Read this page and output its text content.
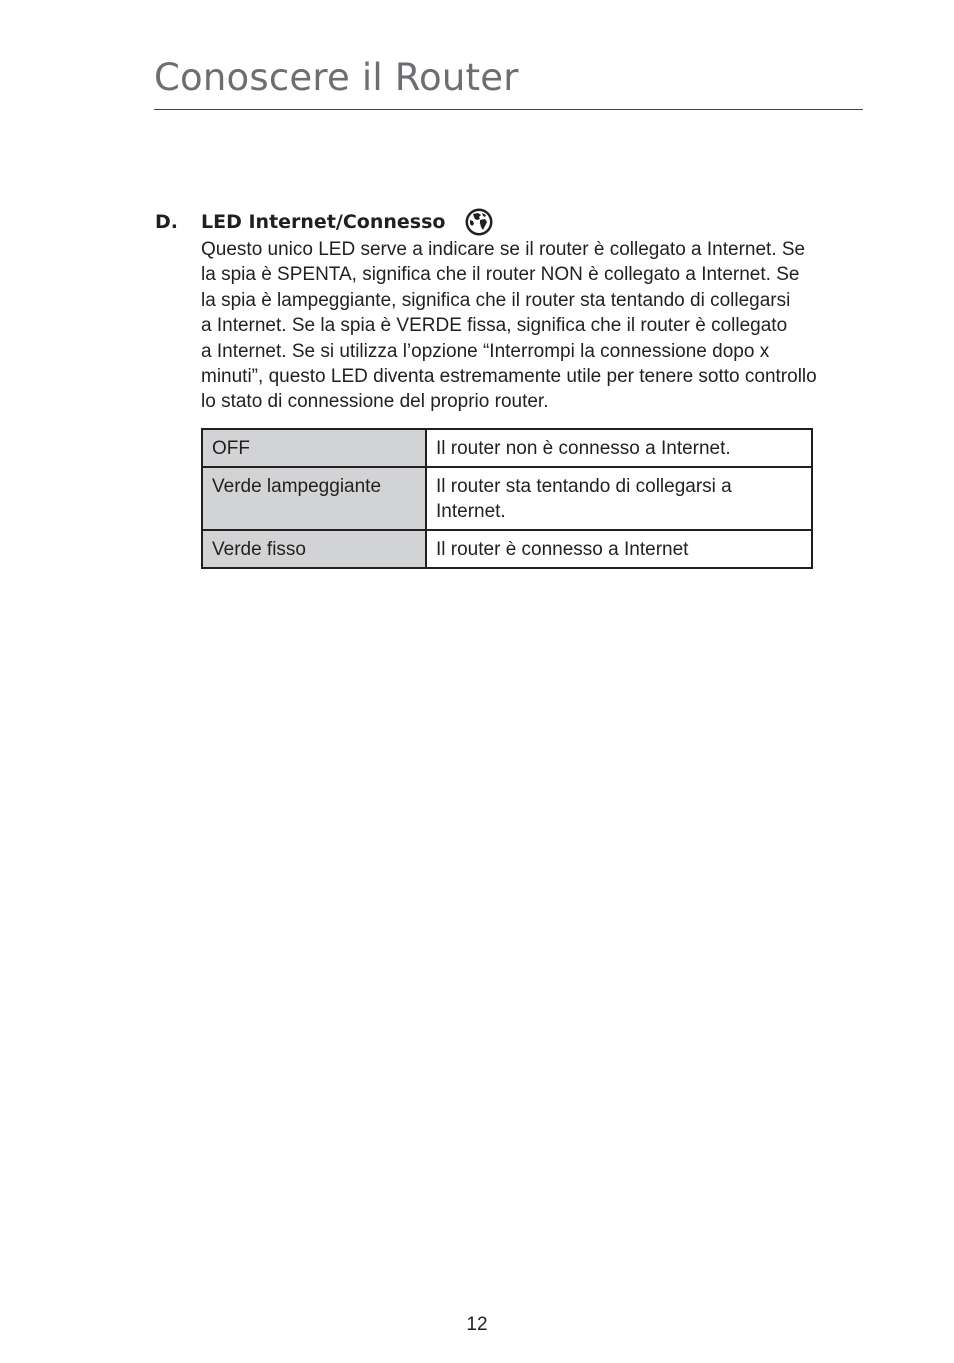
Conoscere il Router
D. LED Internet/Connesso
Questo unico LED serve a indicare se il router è collegato a Internet. Se
la spia è SPENTA, significa che il router NON è collegato a Internet. Se
la spia è lampeggiante, significa che il router sta tentando di collegarsi
a Internet. Se la spia è VERDE fissa, significa che il router è collegato
a Internet. Se si utilizza l’opzione “Interrompi la connessione dopo x
minuti”, questo LED diventa estremamente utile per tenere sotto controllo
lo stato di connessione del proprio router.
OFF	Il router non è connesso a Internet.
Verde lampeggiante	Il router sta tentando di collegarsi a Internet.
Verde fisso	Il router è connesso a Internet
12
